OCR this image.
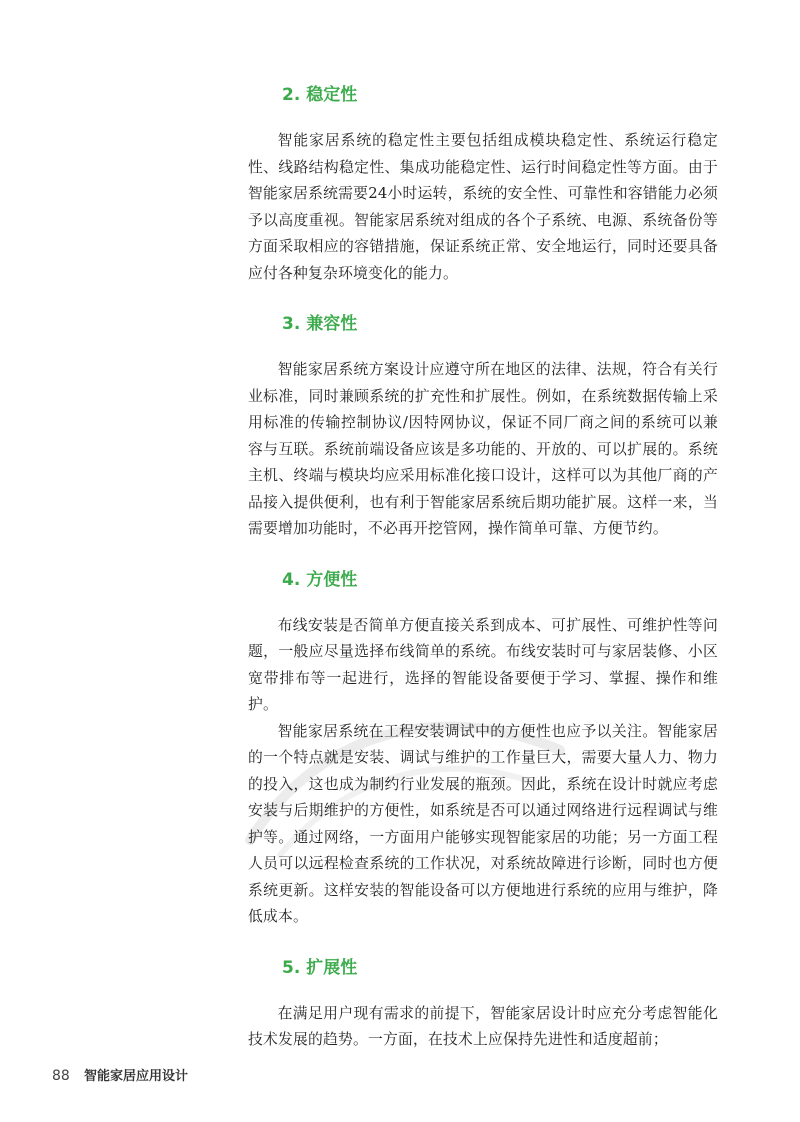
2. 稳定性

智能家居系统的稳定性主要包括组成模块稳定性、系统运行稳定性、线路结构稳定性、集成功能稳定性、运行时间稳定性等方面。由于智能家居系统需要24小时运转，系统的安全性、可靠性和容错能力必须予以高度重视。智能家居系统对组成的各个子系统、电源、系统备份等方面采取相应的容错措施，保证系统正常、安全地运行，同时还要具备应付各种复杂环境变化的能力。

3. 兼容性

智能家居系统方案设计应遵守所在地区的法律、法规，符合有关行业标准，同时兼顾系统的扩充性和扩展性。例如，在系统数据传输上采用标准的传输控制协议/因特网协议，保证不同厂商之间的系统可以兼容与互联。系统前端设备应该是多功能的、开放的、可以扩展的。系统主机、终端与模块均应采用标准化接口设计，这样可以为其他厂商的产品接入提供便利，也有利于智能家居系统后期功能扩展。这样一来，当需要增加功能时，不必再开挖管网，操作简单可靠、方便节约。

4. 方便性

布线安装是否简单方便直接关系到成本、可扩展性、可维护性等问题，一般应尽量选择布线简单的系统。布线安装时可与家居装修、小区宽带排布等一起进行，选择的智能设备要便于学习、掌握、操作和维护。

智能家居系统在工程安装调试中的方便性也应予以关注。智能家居的一个特点就是安装、调试与维护的工作量巨大，需要大量人力、物力的投入，这也成为制约行业发展的瓶颈。因此，系统在设计时就应考虑安装与后期维护的方便性，如系统是否可以通过网络进行远程调试与维护等。通过网络，一方面用户能够实现智能家居的功能；另一方面工程人员可以远程检查系统的工作状况，对系统故障进行诊断，同时也方便系统更新。这样安装的智能设备可以方便地进行系统的应用与维护，降低成本。

5. 扩展性

在满足用户现有需求的前提下，智能家居设计时应充分考虑智能化技术发展的趋势。一方面，在技术上应保持先进性和适度超前；

88 智能家居应用设计
